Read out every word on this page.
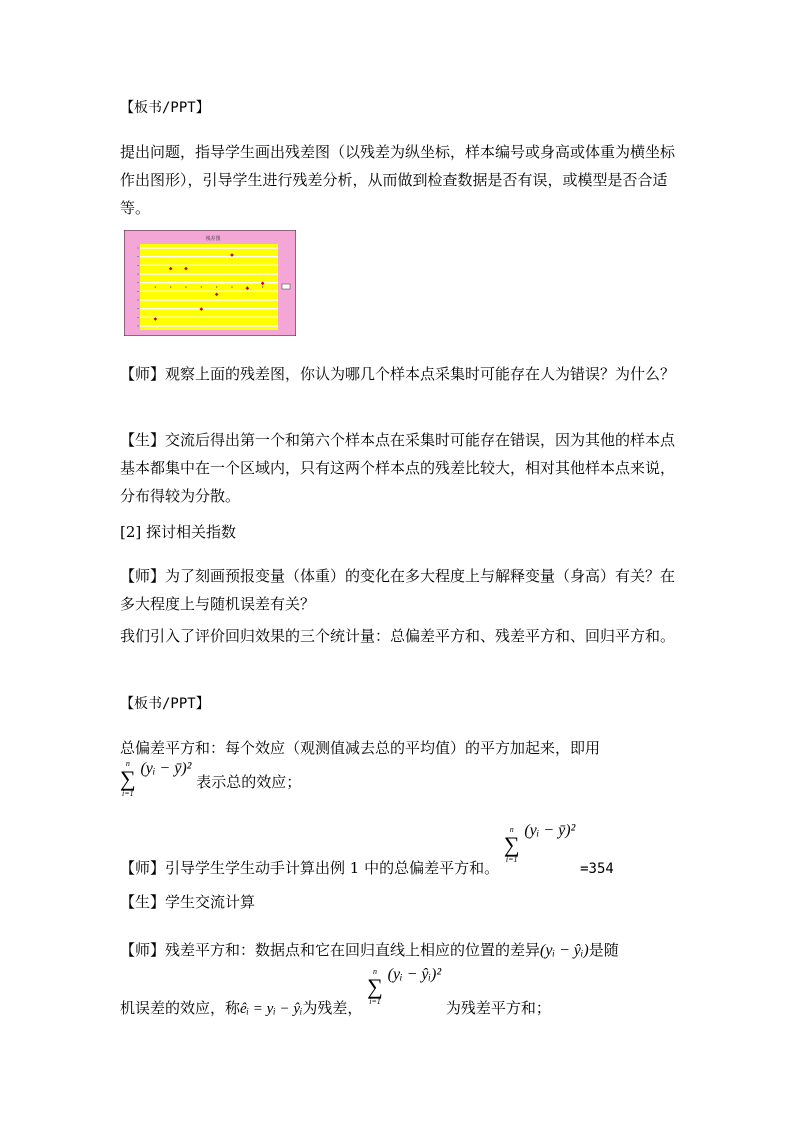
【板书/PPT】

提出问题，指导学生画出残差图（以残差为纵坐标，样本编号或身高或体重为横坐标作出图形），引导学生进行残差分析，从而做到检查数据是否有误，或模型是否合适等。

残差图

【师】观察上面的残差图，你认为哪几个样本点采集时可能存在人为错误？为什么？

【生】交流后得出第一个和第六个样本点在采集时可能存在错误，因为其他的样本点基本都集中在一个区域内，只有这两个样本点的残差比较大，相对其他样本点来说，分布得较为分散。

[2] 探讨相关指数

【师】为了刻画预报变量（体重）的变化在多大程度上与解释变量（身高）有关？在多大程度上与随机误差有关？

我们引入了评价回归效果的三个统计量：总偏差平方和、残差平方和、回归平方和。

【板书/PPT】

总偏差平方和：每个效应（观测值减去总的平均值）的平方加起来，即用

n
∑
i=1
(yᵢ − ȳ)² 表示总的效应；
【师】引导学生学生动手计算出例 1 中的总偏差平方和。
n
∑
i=1
(yᵢ − ȳ)² =354

【生】学生交流计算

【师】残差平方和：数据点和它在回归直线上相应的位置的差异(yᵢ − ŷᵢ)是随
机误差的效应，称êᵢ = yᵢ − ŷᵢ为残差，
n
∑
i=1
(yᵢ − ŷᵢ)² 为残差平方和；
